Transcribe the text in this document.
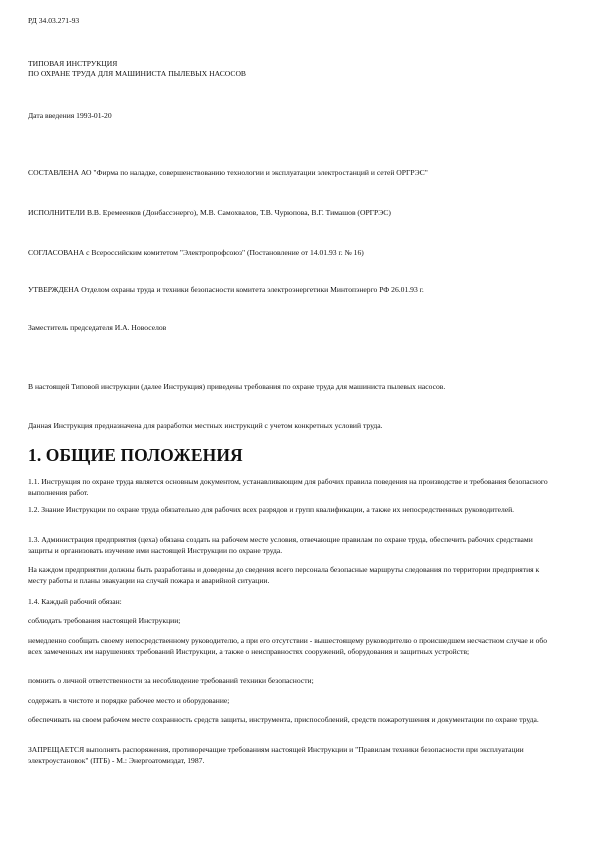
РД 34.03.271-93
ТИПОВАЯ ИНСТРУКЦИЯ
ПО ОХРАНЕ ТРУДА ДЛЯ МАШИНИСТА ПЫЛЕВЫХ НАСОСОВ
Дата введения 1993-01-20
СОСТАВЛЕНА АО "Фирма по наладке, совершенствованию технологии и эксплуатации электростанций и сетей ОРГРЭС"
ИСПОЛНИТЕЛИ В.В. Еремеенков (Донбассэнерго), М.В. Самохвалов, Т.В. Чурюпова, В.Г. Тимашов (ОРГРЭС)
СОГЛАСОВАНА с Всероссийским комитетом "Электропрофсоюз" (Постановление от 14.01.93 г. № 16)
УТВЕРЖДЕНА Отделом охраны труда и техники безопасности комитета электроэнергетики Минтопэнерго РФ 26.01.93 г.
Заместитель председателя И.А. Новоселов
В настоящей Типовой инструкции (далее Инструкция) приведены требования по охране труда для машиниста пылевых насосов.
Данная Инструкция предназначена для разработки местных инструкций с учетом конкретных условий труда.
1. ОБЩИЕ ПОЛОЖЕНИЯ
1.1. Инструкция по охране труда является основным документом, устанавливающим для рабочих правила поведения на производстве и требования безопасного выполнения работ.
1.2. Знание Инструкции по охране труда обязательно для рабочих всех разрядов и групп квалификации, а также их непосредственных руководителей.
1.3. Администрация предприятия (цеха) обязана создать на рабочем месте условия, отвечающие правилам по охране труда, обеспечить рабочих средствами защиты и организовать изучение ими настоящей Инструкции по охране труда.
На каждом предприятии должны быть разработаны и доведены до сведения всего персонала безопасные маршруты следования по территории предприятия к месту работы и планы эвакуации на случай пожара и аварийной ситуации.
1.4. Каждый рабочий обязан:
соблюдать требования настоящей Инструкции;
немедленно сообщать своему непосредственному руководителю, а при его отсутствии - вышестоящему руководителю о происшедшем несчастном случае и обо всех замеченных им нарушениях требований Инструкции, а также о неисправностях сооружений, оборудования и защитных устройств;
помнить о личной ответственности за несоблюдение требований техники безопасности;
содержать в чистоте и порядке рабочее место и оборудование;
обеспечивать на своем рабочем месте сохранность средств защиты, инструмента, приспособлений, средств пожаротушения и документации по охране труда.
ЗАПРЕЩАЕТСЯ выполнять распоряжения, противоречащие требованиям настоящей Инструкции и "Правилам техники безопасности при эксплуатации электроустановок" (ПТБ) - М.: Энергоатомиздат, 1987.
